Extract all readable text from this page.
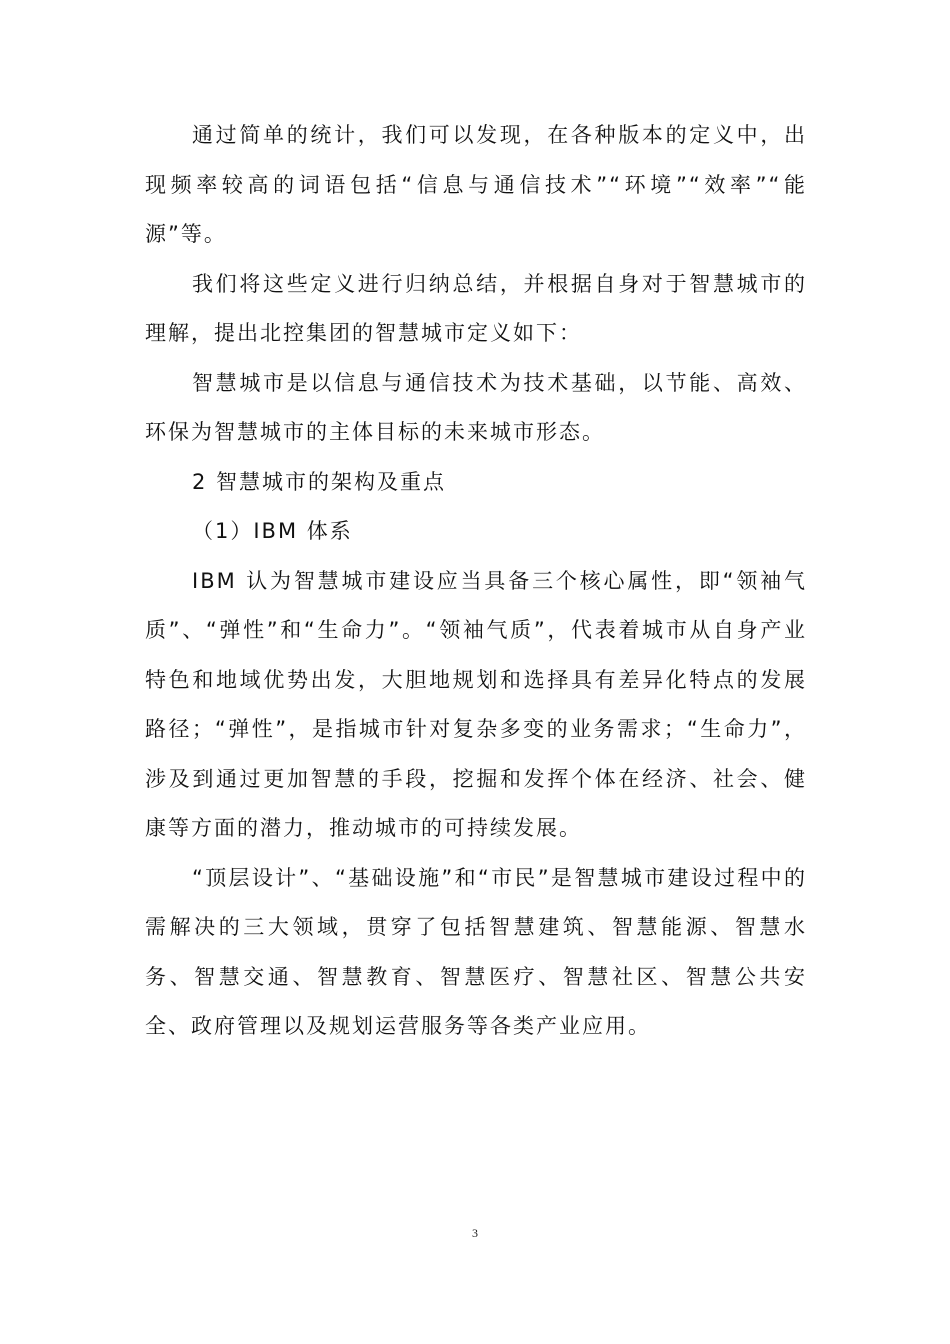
通过简单的统计，我们可以发现，在各种版本的定义中，出现频率较高的词语包括“信息与通信技术”“环境”“效率”“能源”等。

我们将这些定义进行归纳总结，并根据自身对于智慧城市的理解，提出北控集团的智慧城市定义如下：

智慧城市是以信息与通信技术为技术基础，以节能、高效、环保为智慧城市的主体目标的未来城市形态。

2 智慧城市的架构及重点

（1）IBM 体系

IBM 认为智慧城市建设应当具备三个核心属性，即“领袖气质”、“弹性”和“生命力”。“领袖气质”，代表着城市从自身产业特色和地域优势出发，大胆地规划和选择具有差异化特点的发展路径；“弹性”，是指城市针对复杂多变的业务需求；“生命力”，涉及到通过更加智慧的手段，挖掘和发挥个体在经济、社会、健康等方面的潜力，推动城市的可持续发展。

“顶层设计”、“基础设施”和“市民”是智慧城市建设过程中的需解决的三大领域，贯穿了包括智慧建筑、智慧能源、智慧水务、智慧交通、智慧教育、智慧医疗、智慧社区、智慧公共安全、政府管理以及规划运营服务等各类产业应用。

3
